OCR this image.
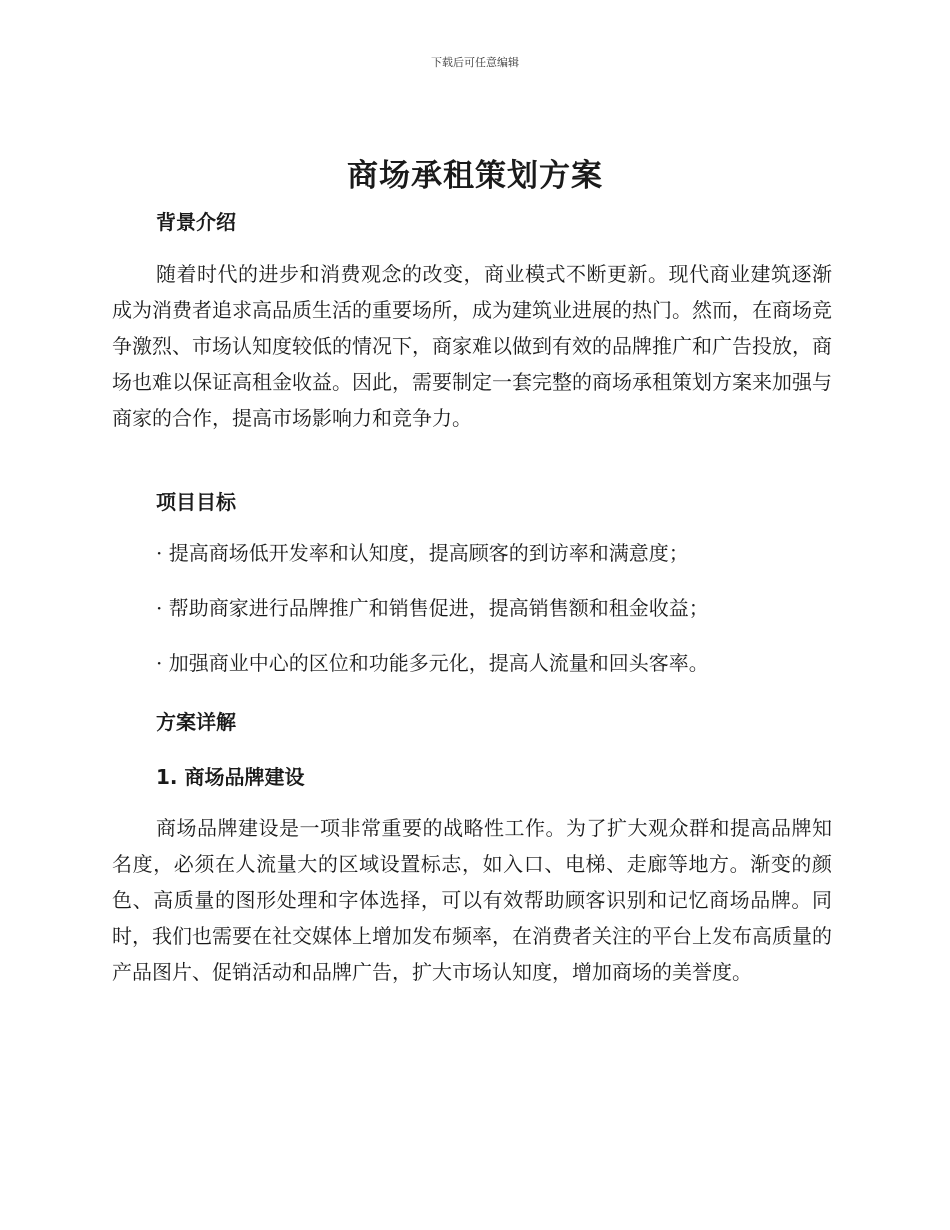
下载后可任意编辑
商场承租策划方案
背景介绍

随着时代的进步和消费观念的改变，商业模式不断更新。现代商业建筑逐渐成为消费者追求高品质生活的重要场所，成为建筑业进展的热门。然而，在商场竞争激烈、市场认知度较低的情况下，商家难以做到有效的品牌推广和广告投放，商场也难以保证高租金收益。因此，需要制定一套完整的商场承租策划方案来加强与商家的合作，提高市场影响力和竞争力。

项目目标

· 提高商场低开发率和认知度，提高顾客的到访率和满意度；

· 帮助商家进行品牌推广和销售促进，提高销售额和租金收益；

· 加强商业中心的区位和功能多元化，提高人流量和回头客率。

方案详解
1. 商场品牌建设

商场品牌建设是一项非常重要的战略性工作。为了扩大观众群和提高品牌知名度，必须在人流量大的区域设置标志，如入口、电梯、走廊等地方。渐变的颜色、高质量的图形处理和字体选择，可以有效帮助顾客识别和记忆商场品牌。同时，我们也需要在社交媒体上增加发布频率，在消费者关注的平台上发布高质量的产品图片、促销活动和品牌广告，扩大市场认知度，增加商场的美誉度。
